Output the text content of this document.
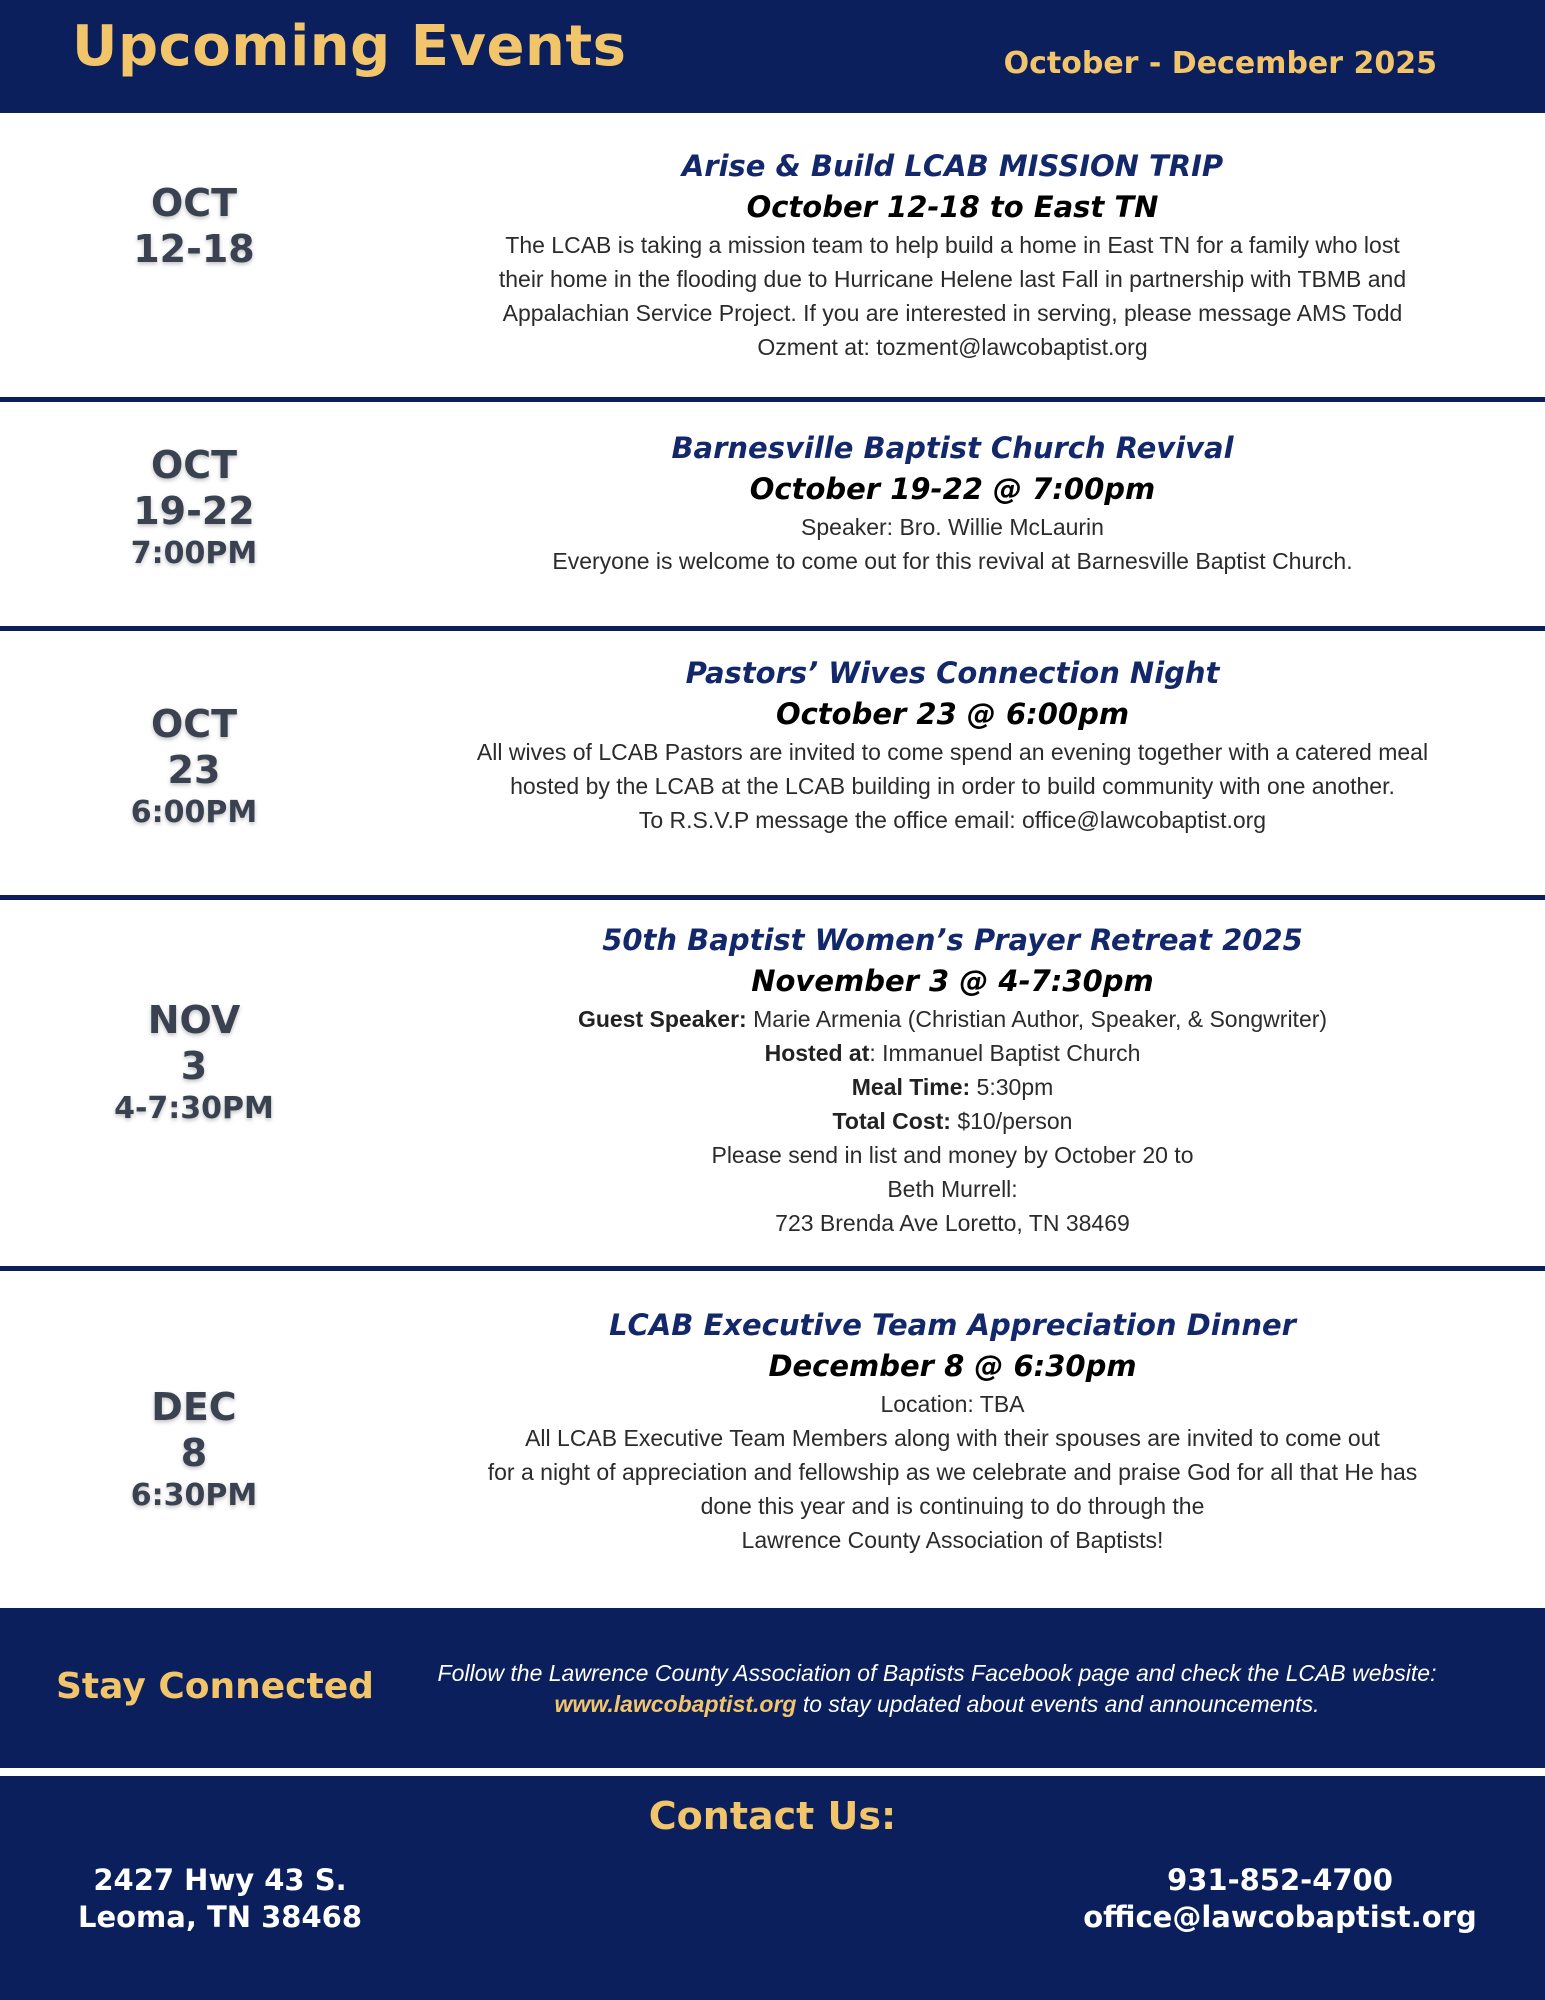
Upcoming Events	October - December 2025
OCT
12-18
Arise & Build LCAB MISSION TRIP
October 12-18 to East TN
The LCAB is taking a mission team to help build a home in East TN for a family who lost
their home in the flooding due to Hurricane Helene last Fall in partnership with TBMB and
Appalachian Service Project. If you are interested in serving, please message AMS Todd
Ozment at: tozment@lawcobaptist.org
OCT
19-22
7:00PM
Barnesville Baptist Church Revival
October 19-22 @ 7:00pm
Speaker: Bro. Willie McLaurin
Everyone is welcome to come out for this revival at Barnesville Baptist Church.
OCT
23
6:00PM
Pastors’ Wives Connection Night
October 23 @ 6:00pm
All wives of LCAB Pastors are invited to come spend an evening together with a catered meal
hosted by the LCAB at the LCAB building in order to build community with one another.
To R.S.V.P message the office email: office@lawcobaptist.org
NOV
3
4-7:30PM
50th Baptist Women’s Prayer Retreat 2025
November 3 @ 4-7:30pm
Guest Speaker: Marie Armenia (Christian Author, Speaker, & Songwriter)
Hosted at: Immanuel Baptist Church
Meal Time: 5:30pm
Total Cost: $10/person
Please send in list and money by October 20 to
Beth Murrell:
723 Brenda Ave Loretto, TN 38469
DEC
8
6:30PM
LCAB Executive Team Appreciation Dinner
December 8 @ 6:30pm
Location: TBA
All LCAB Executive Team Members along with their spouses are invited to come out
for a night of appreciation and fellowship as we celebrate and praise God for all that He has
done this year and is continuing to do through the
Lawrence County Association of Baptists!
Stay Connected	Follow the Lawrence County Association of Baptists Facebook page and check the LCAB website:
www.lawcobaptist.org to stay updated about events and announcements.
Contact Us:
2427 Hwy 43 S.
Leoma, TN 38468
931-852-4700
office@lawcobaptist.org
